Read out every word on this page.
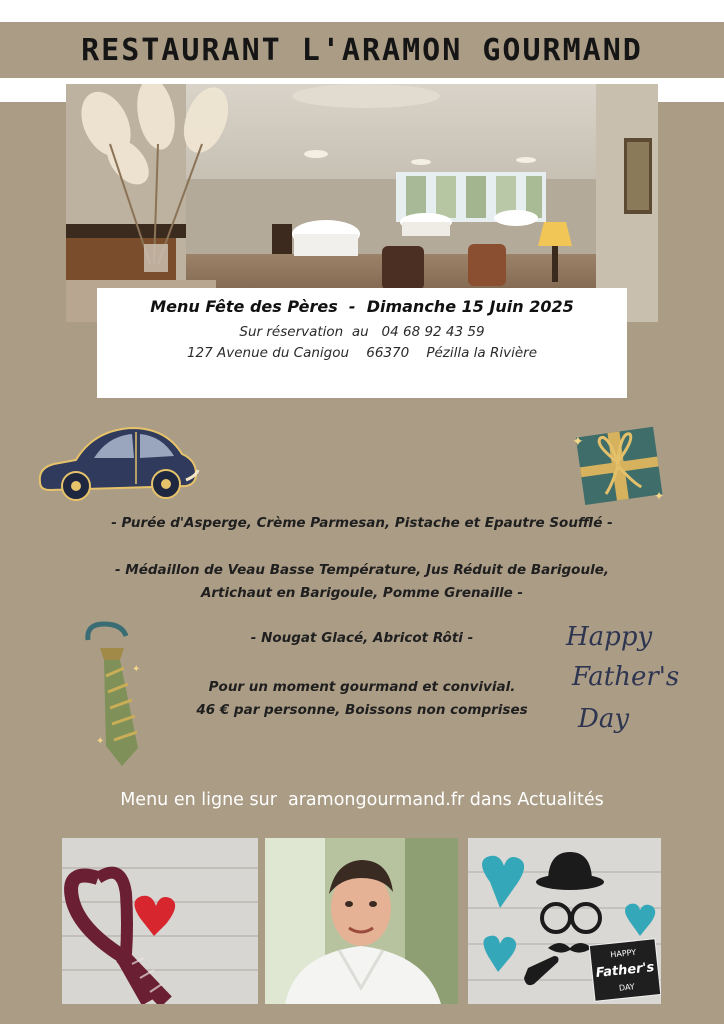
RESTAURANT L'ARAMON GOURMAND
Menu Fête des Pères  -  Dimanche 15 Juin 2025
Sur réservation  au   04 68 92 43 59
127 Avenue du Canigou    66370    Pézilla la Rivière
✦
✦
✦
✦
Happy
Father's
Day

- Purée d'Asperge, Crème Parmesan, Pistache et Epautre Soufflé -

- Médaillon de Veau Basse Température, Jus Réduit de Barigoule,

Artichaut en Barigoule, Pomme Grenaille -

- Nougat Glacé, Abricot Rôti -

Pour un moment gourmand et convivial.

46 € par personne, Boissons non comprises

Menu en ligne sur  aramongourmand.fr dans Actualités
HAPPY
Father's
DAY
